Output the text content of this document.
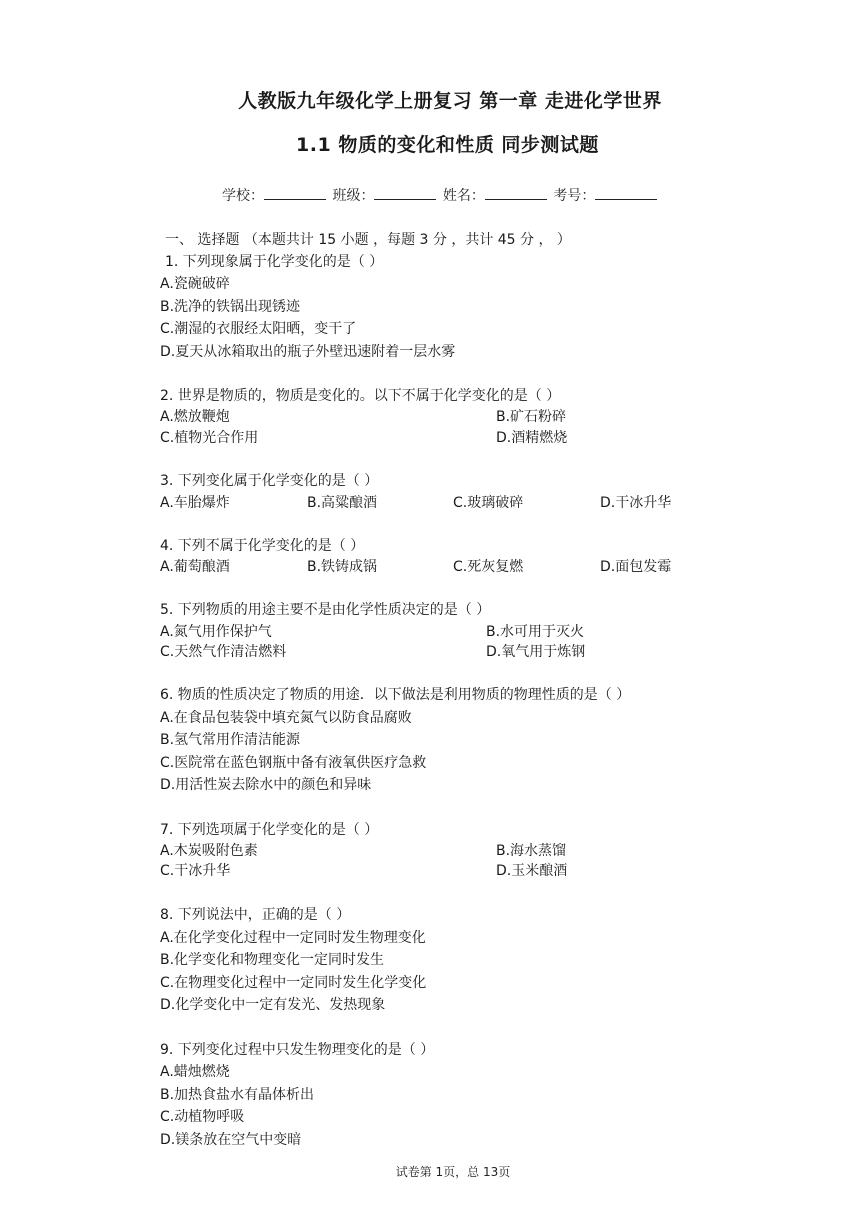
人教版九年级化学上册复习 第一章 走进化学世界
1.1 物质的变化和性质 同步测试题
学校：	班级：	姓名：	考号：
一、 选择题 （本题共计 15 小题 ，每题 3 分 ，共计 45 分 ， ）
1. 下列现象属于化学变化的是（ ）
A.瓷碗破碎
B.洗净的铁锅出现锈迹
C.潮湿的衣服经太阳晒，变干了
D.夏天从冰箱取出的瓶子外壁迅速附着一层水雾
2. 世界是物质的，物质是变化的。以下不属于化学变化的是（ ）
A.燃放鞭炮	B.矿石粉碎
C.植物光合作用	D.酒精燃烧
3. 下列变化属于化学变化的是（ ）
A.车胎爆炸	B.高粱酿酒	C.玻璃破碎	D.干冰升华
4. 下列不属于化学变化的是（ ）
A.葡萄酿酒	B.铁铸成锅	C.死灰复燃	D.面包发霉
5. 下列物质的用途主要不是由化学性质决定的是（ ）
A.氮气用作保护气	B.水可用于灭火
C.天然气作清洁燃料	D.氧气用于炼钢
6. 物质的性质决定了物质的用途．以下做法是利用物质的物理性质的是（ ）
A.在食品包装袋中填充氮气以防食品腐败
B.氢气常用作清洁能源
C.医院常在蓝色钢瓶中备有液氧供医疗急救
D.用活性炭去除水中的颜色和异味
7. 下列选项属于化学变化的是（ ）
A.木炭吸附色素	B.海水蒸馏
C.干冰升华	D.玉米酿酒
8. 下列说法中，正确的是（ ）
A.在化学变化过程中一定同时发生物理变化
B.化学变化和物理变化一定同时发生
C.在物理变化过程中一定同时发生化学变化
D.化学变化中一定有发光、发热现象
9. 下列变化过程中只发生物理变化的是（ ）
A.蜡烛燃烧
B.加热食盐水有晶体析出
C.动植物呼吸
D.镁条放在空气中变暗
试卷第 1页，总 13页
